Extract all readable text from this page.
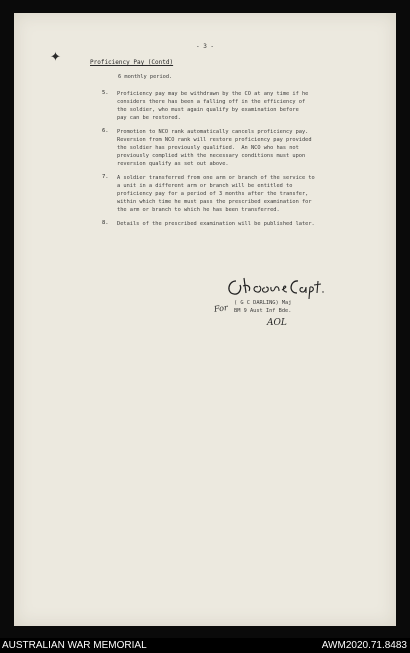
✦
- 3 -
Proficiency Pay (Contd)
6 monthly period.
5. Proficiency pay may be withdrawn by the CO at any time if he
considers there has been a falling off in the efficiency of
the soldier, who must again qualify by examination before
pay can be restored.
6. Promotion to NCO rank automatically cancels proficiency pay.
Reversion from NCO rank will restore proficiency pay provided
the soldier has previously qualified.  An NCO who has not
previously complied with the necessary conditions must upon
reversion qualify as set out above.
7. A soldier transferred from one arm or branch of the service to
a unit in a different arm or branch will be entitled to
proficiency pay for a period of 3 months after the transfer,
within which time he must pass the prescribed examination for
the arm or branch to which he has been transferred.
8. Details of the prescribed examination will be published later.
( G C DARLING) Maj
BM 9 Aust Inf Bde.
For
AOL
AUSTRALIAN WAR MEMORIAL	AWM2020.71.8483
